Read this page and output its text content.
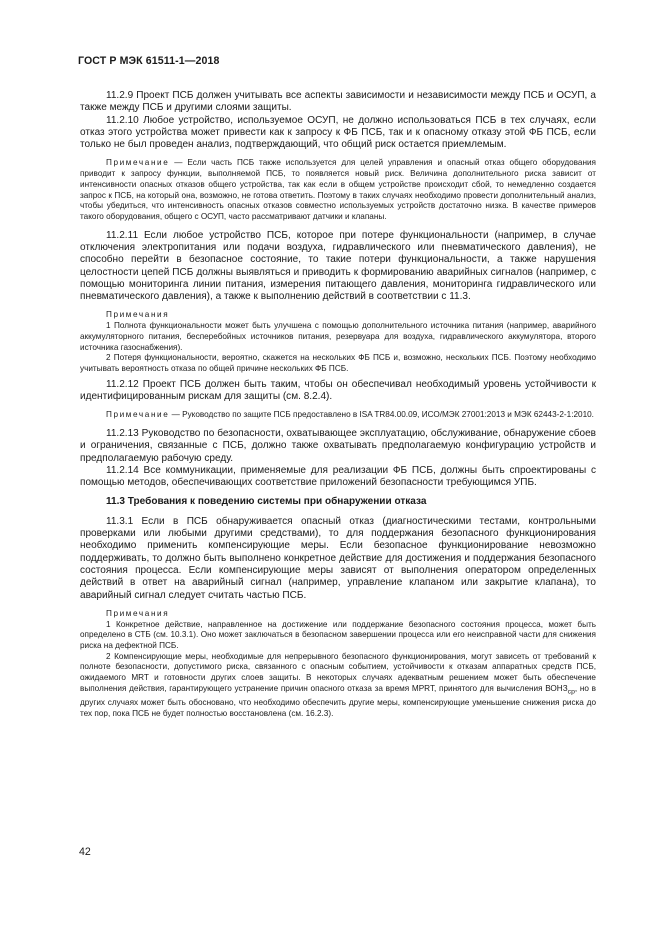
ГОСТ Р МЭК 61511-1—2018

11.2.9 Проект ПСБ должен учитывать все аспекты зависимости и независимости между ПСБ и ОСУП, а также между ПСБ и другими слоями защиты.

11.2.10 Любое устройство, используемое ОСУП, не должно использоваться ПСБ в тех случаях, если отказ этого устройства может привести как к запросу к ФБ ПСБ, так и к опасному отказу этой ФБ ПСБ, если только не был проведен анализ, подтверждающий, что общий риск остается приемлемым.

Примечание — Если часть ПСБ также используется для целей управления и опасный отказ общего оборудования приводит к запросу функции, выполняемой ПСБ, то появляется новый риск. Величина дополнительного риска зависит от интенсивности опасных отказов общего устройства, так как если в общем устройстве происходит сбой, то немедленно создается запрос к ПСБ, на который она, возможно, не готова ответить. Поэтому в таких случаях необходимо провести дополнительный анализ, чтобы убедиться, что интенсивность опасных отказов совместно используемых устройств достаточно низка. В качестве примеров такого оборудования, общего с ОСУП, часто рассматривают датчики и клапаны.

11.2.11 Если любое устройство ПСБ, которое при потере функциональности (например, в случае отключения электропитания или подачи воздуха, гидравлического или пневматического давления), не способно перейти в безопасное состояние, то такие потери функциональности, а также нарушения целостности цепей ПСБ должны выявляться и приводить к формированию аварийных сигналов (например, с помощью мониторинга линии питания, измерения питающего давления, мониторинга гидравлического или пневматического давления), а также к выполнению действий в соответствии с 11.3.

Примечания

1 Полнота функциональности может быть улучшена с помощью дополнительного источника питания (например, аварийного аккумуляторного питания, бесперебойных источников питания, резервуара для воздуха, гидравлического аккумулятора, второго источника газоснабжения).

2 Потеря функциональности, вероятно, скажется на нескольких ФБ ПСБ и, возможно, нескольких ПСБ. Поэтому необходимо учитывать вероятность отказа по общей причине нескольких ФБ ПСБ.

11.2.12 Проект ПСБ должен быть таким, чтобы он обеспечивал необходимый уровень устойчивости к идентифицированным рискам для защиты (см. 8.2.4).

Примечание — Руководство по защите ПСБ предоставлено в ISA TR84.00.09, ИСО/МЭК 27001:2013 и МЭК 62443-2-1:2010.

11.2.13 Руководство по безопасности, охватывающее эксплуатацию, обслуживание, обнаружение сбоев и ограничения, связанные с ПСБ, должно также охватывать предполагаемую конфигурацию устройств и предполагаемую рабочую среду.

11.2.14 Все коммуникации, применяемые для реализации ФБ ПСБ, должны быть спроектированы с помощью методов, обеспечивающих соответствие приложений безопасности требующимся УПБ.

11.3 Требования к поведению системы при обнаружении отказа

11.3.1 Если в ПСБ обнаруживается опасный отказ (диагностическими тестами, контрольными проверками или любыми другими средствами), то для поддержания безопасного функционирования необходимо применить компенсирующие меры. Если безопасное функционирование невозможно поддерживать, то должно быть выполнено конкретное действие для достижения и поддержания безопасного состояния процесса. Если компенсирующие меры зависят от выполнения оператором определенных действий в ответ на аварийный сигнал (например, управление клапаном или закрытие клапана), то аварийный сигнал следует считать частью ПСБ.

Примечания

1 Конкретное действие, направленное на достижение или поддержание безопасного состояния процесса, может быть определено в СТБ (см. 10.3.1). Оно может заключаться в безопасном завершении процесса или его неисправной части для снижения риска на дефектной ПСБ.

2 Компенсирующие меры, необходимые для непрерывного безопасного функционирования, могут зависеть от требований к полноте безопасности, допустимого риска, связанного с опасным событием, устойчивости к отказам аппаратных средств ПСБ, ожидаемого MRT и готовности других слоев защиты. В некоторых случаях адекватным решением может быть обеспечение выполнения действия, гарантирующего устранение причин опасного отказа за время MPRT, принятого для вычисления $ВОНЗ_{ср}$, но в других случаях может быть обосновано, что необходимо обеспечить другие меры, компенсирующие уменьшение снижения риска до тех пор, пока ПСБ не будет полностью восстановлена (см. 16.2.3).

42
